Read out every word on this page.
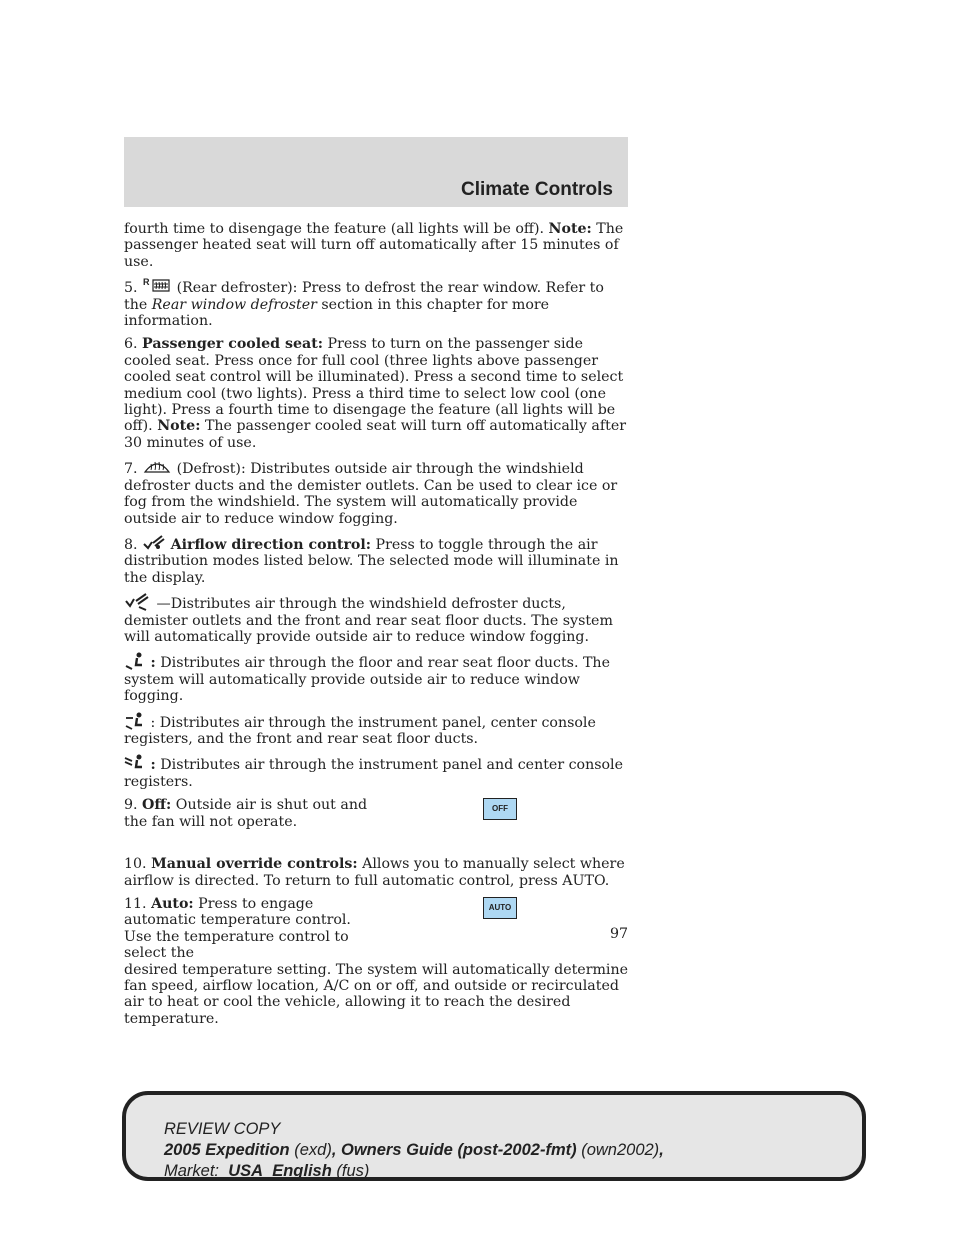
Climate Controls

fourth time to disengage the feature (all lights will be off). Note: The passenger heated seat will turn off automatically after 15 minutes of use.

5. R (Rear defroster): Press to defrost the rear window. Refer to the Rear window defroster section in this chapter for more information.

6. Passenger cooled seat: Press to turn on the passenger side cooled seat. Press once for full cool (three lights above passenger cooled seat control will be illuminated). Press a second time to select medium cool (two lights). Press a third time to select low cool (one light). Press a fourth time to disengage the feature (all lights will be off). Note: The passenger cooled seat will turn off automatically after 30 minutes of use.

7.
(Defrost): Distributes outside air through the windshield defroster ducts and the demister outlets. Can be used to clear ice or fog from the windshield. The system will automatically provide outside air to reduce window fogging.

8. Airflow direction control: Press to toggle through the air distribution modes listed below. The selected mode will illuminate in the display.

—Distributes air through the windshield defroster ducts, demister outlets and the front and rear seat floor ducts. The system will automatically provide outside air to reduce window fogging.

: Distributes air through the floor and rear seat floor ducts. The system will automatically provide outside air to reduce window fogging.

: Distributes air through the instrument panel, center console registers, and the front and rear seat floor ducts.

: Distributes air through the instrument panel and center console registers.

9. Off: Outside air is shut out and the fan will not operate.
OFF

10. Manual override controls: Allows you to manually select where airflow is directed. To return to full automatic control, press AUTO.

11. Auto: Press to engage automatic temperature control. Use the temperature control to select the
desired temperature setting. The system will automatically determine fan speed, airflow location, A/C on or off, and outside or recirculated air to heat or cool the vehicle, allowing it to reach the desired temperature.
AUTO
97
REVIEW COPY
2005 Expedition (exd), Owners Guide (post-2002-fmt) (own2002),
Market:  USA_English (fus)
